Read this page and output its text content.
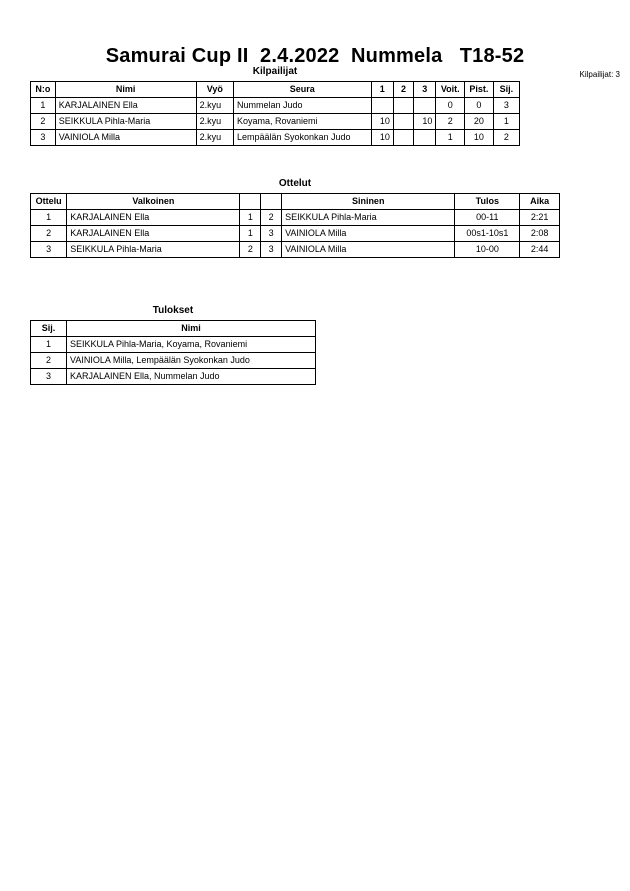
Samurai Cup II  2.4.2022  Nummela   T18-52
Kilpailijat: 3
Kilpailijat
N:o	Nimi	Vyö	Seura	1	2	3	Voit.	Pist.	Sij.
1	KARJALAINEN Ella	2.kyu	Nummelan Judo				0	0	3
2	SEIKKULA Pihla-Maria	2.kyu	Koyama, Rovaniemi	10		10	2	20	1
3	VAINIOLA Milla	2.kyu	Lempäälän Syokonkan Judo	10			1	10	2
Ottelut
Ottelu	Valkoinen			Sininen	Tulos	Aika
1	KARJALAINEN Ella	1	2	SEIKKULA Pihla-Maria	00-11	2:21
2	KARJALAINEN Ella	1	3	VAINIOLA Milla	00s1-10s1	2:08
3	SEIKKULA Pihla-Maria	2	3	VAINIOLA Milla	10-00	2:44
Tulokset
Sij.	Nimi
1	SEIKKULA Pihla-Maria, Koyama, Rovaniemi
2	VAINIOLA Milla, Lempäälän Syokonkan Judo
3	KARJALAINEN Ella, Nummelan Judo
